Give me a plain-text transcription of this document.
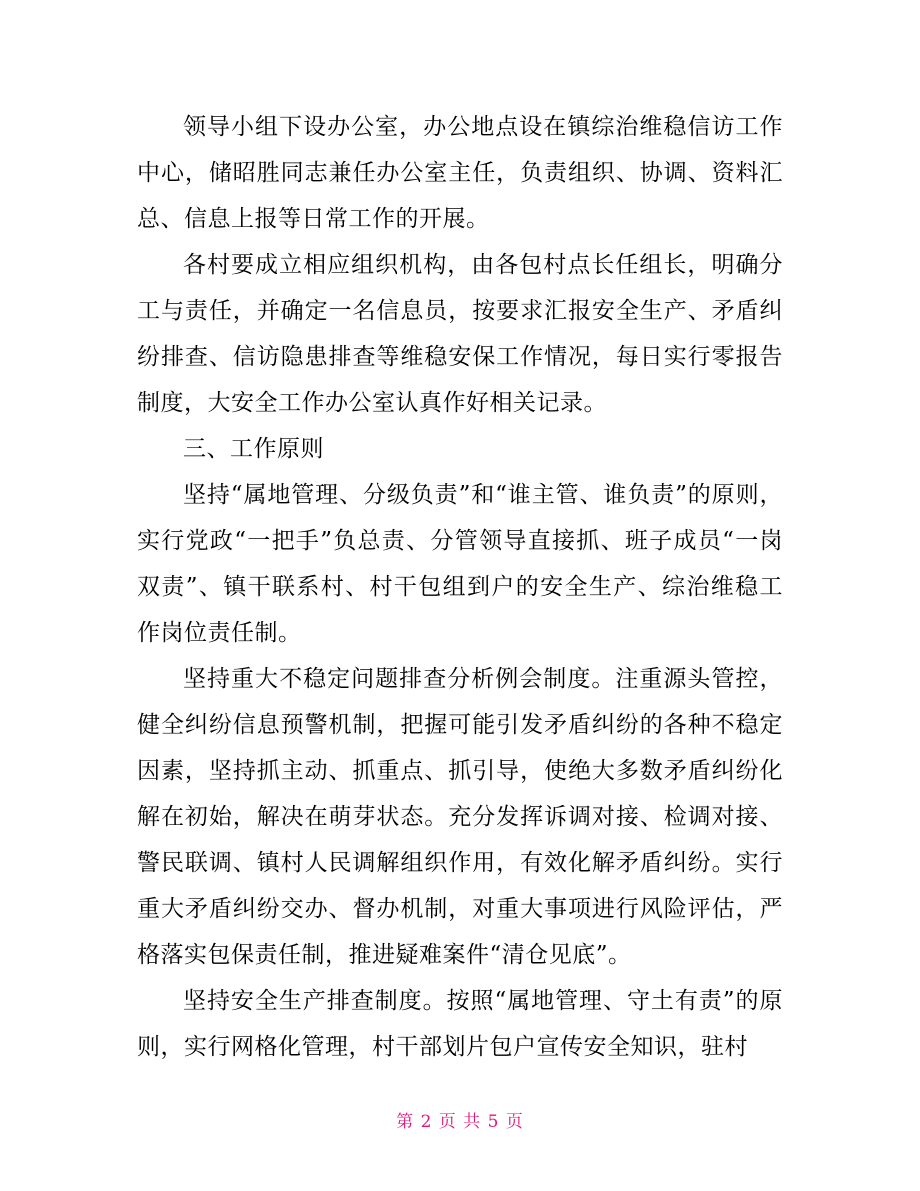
领导小组下设办公室，办公地点设在镇综治维稳信访工作中心，储昭胜同志兼任办公室主任，负责组织、协调、资料汇总、信息上报等日常工作的开展。

各村要成立相应组织机构，由各包村点长任组长，明确分工与责任，并确定一名信息员，按要求汇报安全生产、矛盾纠纷排查、信访隐患排查等维稳安保工作情况，每日实行零报告制度，大安全工作办公室认真作好相关记录。

三、工作原则

坚持“属地管理、分级负责”和“谁主管、谁负责”的原则，实行党政“一把手”负总责、分管领导直接抓、班子成员“一岗双责”、镇干联系村、村干包组到户的安全生产、综治维稳工作岗位责任制。

坚持重大不稳定问题排查分析例会制度。注重源头管控，健全纠纷信息预警机制，把握可能引发矛盾纠纷的各种不稳定因素，坚持抓主动、抓重点、抓引导，使绝大多数矛盾纠纷化解在初始，解决在萌芽状态。充分发挥诉调对接、检调对接、警民联调、镇村人民调解组织作用，有效化解矛盾纠纷。实行重大矛盾纠纷交办、督办机制，对重大事项进行风险评估，严格落实包保责任制，推进疑难案件“清仓见底”。

坚持安全生产排查制度。按照“属地管理、守土有责”的原则，实行网格化管理，村干部划片包户宣传安全知识，驻村

第 2 页 共 5 页
